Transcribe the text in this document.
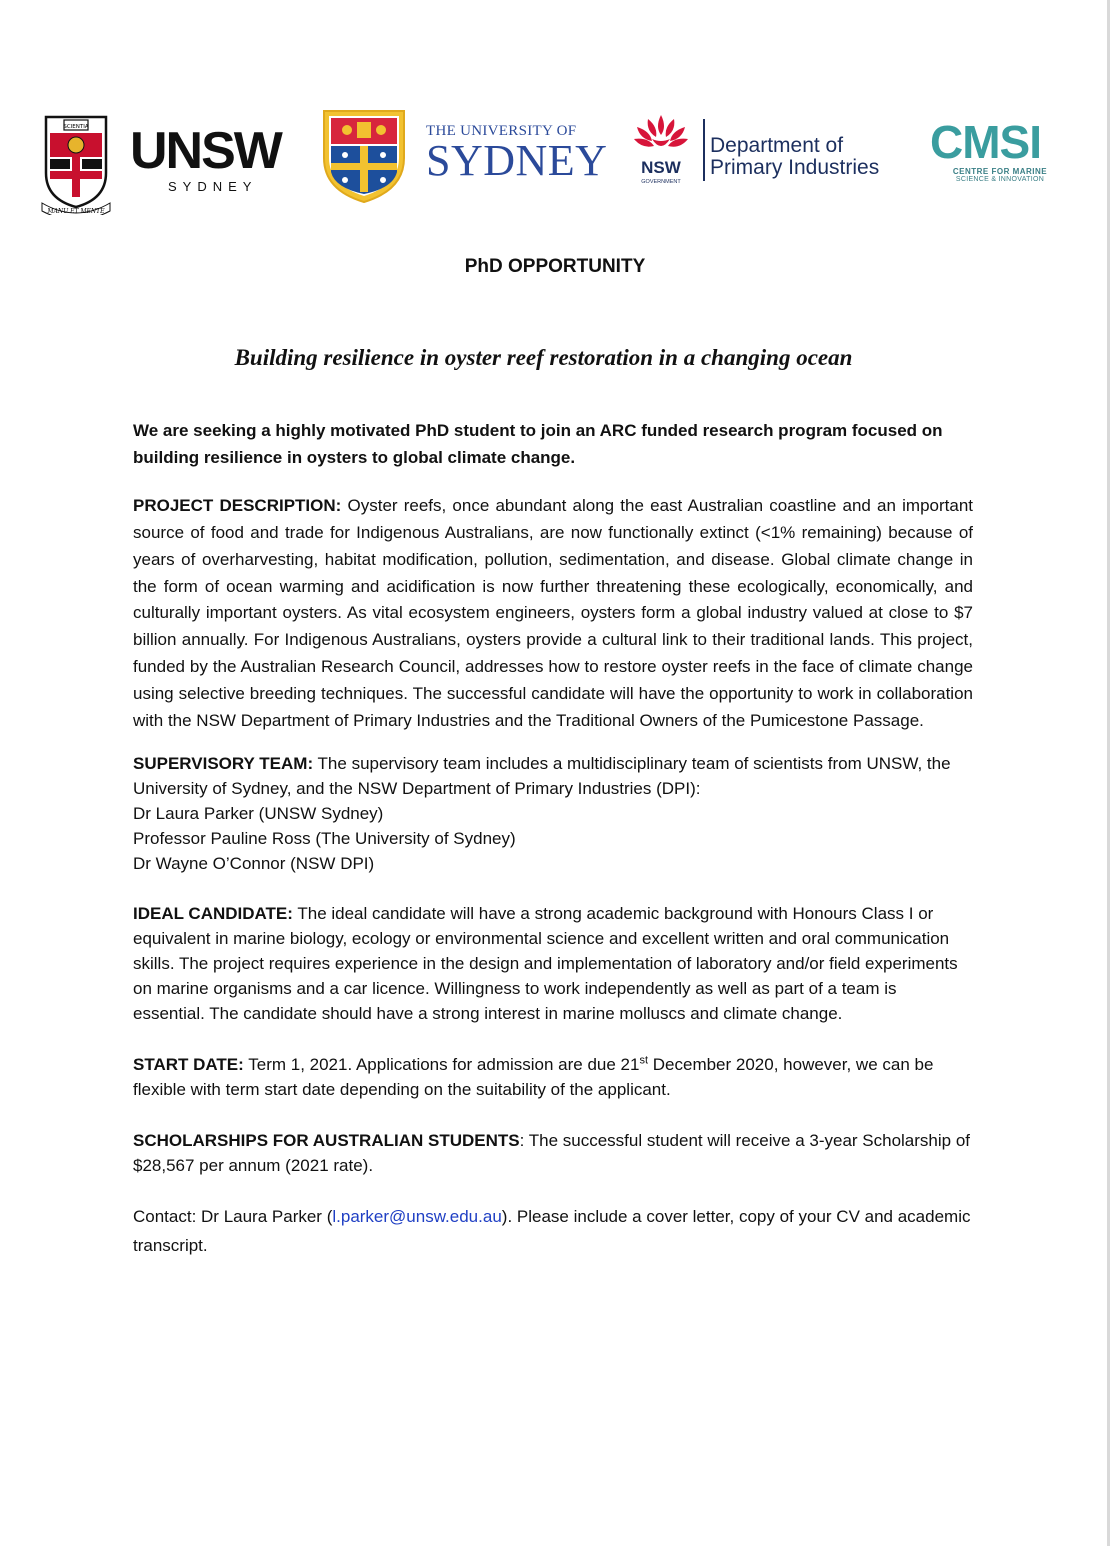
SCIENTIA
MANU ET MENTE
UNSW
SYDNEY
THE UNIVERSITY OF
SYDNEY NSW
GOVERNMENT
Department of
Primary Industries	CMSI
CENTRE FOR MARINE
SCIENCE & INNOVATION
PhD OPPORTUNITY
Building resilience in oyster reef restoration in a changing ocean

We are seeking a highly motivated PhD student to join an ARC funded research program focused on building resilience in oysters to global climate change.

PROJECT DESCRIPTION: Oyster reefs, once abundant along the east Australian coastline and an important source of food and trade for Indigenous Australians, are now functionally extinct (<1% remaining) because of years of overharvesting, habitat modification, pollution, sedimentation, and disease. Global climate change in the form of ocean warming and acidification is now further threatening these ecologically, economically, and culturally important oysters. As vital ecosystem engineers, oysters form a global industry valued at close to $7 billion annually. For Indigenous Australians, oysters provide a cultural link to their traditional lands. This project, funded by the Australian Research Council, addresses how to restore oyster reefs in the face of climate change using selective breeding techniques. The successful candidate will have the opportunity to work in collaboration with the NSW Department of Primary Industries and the Traditional Owners of the Pumicestone Passage.

SUPERVISORY TEAM: The supervisory team includes a multidisciplinary team of scientists from UNSW, the University of Sydney, and the NSW Department of Primary Industries (DPI):
Dr Laura Parker (UNSW Sydney)
Professor Pauline Ross (The University of Sydney)
Dr Wayne O’Connor (NSW DPI)

IDEAL CANDIDATE: The ideal candidate will have a strong academic background with Honours Class I or equivalent in marine biology, ecology or environmental science and excellent written and oral communication skills. The project requires experience in the design and implementation of laboratory and/or field experiments on marine organisms and a car licence. Willingness to work independently as well as part of a team is essential. The candidate should have a strong interest in marine molluscs and climate change.

START DATE: Term 1, 2021. Applications for admission are due 21st December 2020, however, we can be flexible with term start date depending on the suitability of the applicant.

SCHOLARSHIPS FOR AUSTRALIAN STUDENTS: The successful student will receive a 3-year Scholarship of $28,567 per annum (2021 rate).

Contact: Dr Laura Parker (l.parker@unsw.edu.au). Please include a cover letter, copy of your CV and academic transcript.
